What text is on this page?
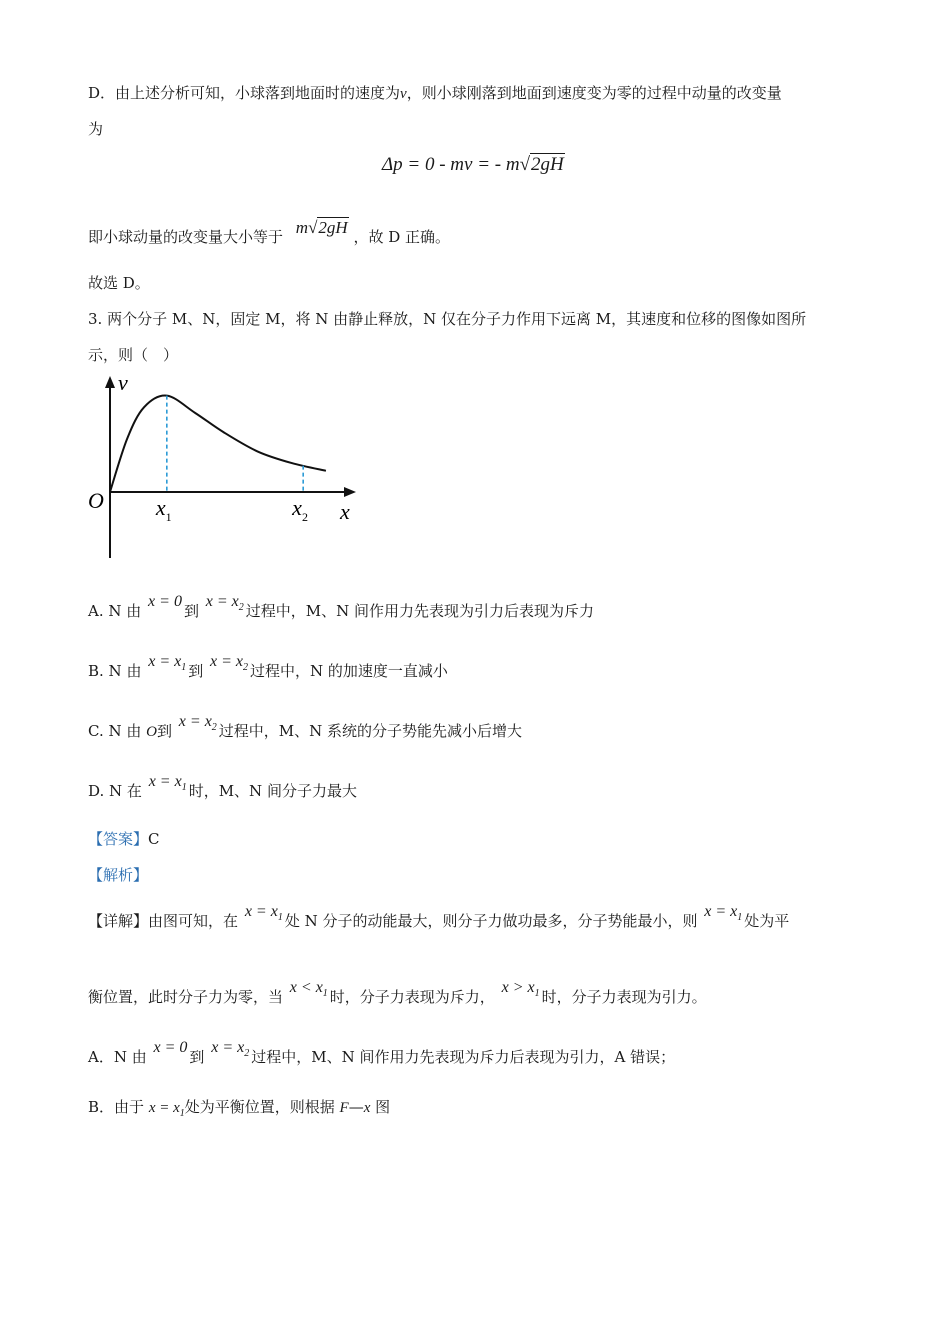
D．由上述分析可知，小球落到地面时的速度为v，则小球刚落到地面到速度变为零的过程中动量的改变量
为
Δp = 0 - mv = - m√2gH
即小球动量的改变量大小等于 m√2gH ，故 D 正确。
故选 D。
3. 两个分子 M、N，固定 M，将 N 由静止释放，N 仅在分子力作用下远离 M，其速度和位移的图像如图所
示，则（　）
v
O	x
$x_1$	$x_2$
A. N 由 x = 0到 $x = x_2$ 过程中，M、N 间作用力先表现为引力后表现为斥力
B. N 由 $x = x_1$ 到 $x = x_2$ 过程中，N 的加速度一直减小
C. N 由 O到 $x = x_2$ 过程中，M、N 系统的分子势能先减小后增大
D. N 在 $x = x_1$ 时，M、N 间分子力最大
【答案】C
【解析】
【详解】由图可知，在 $x = x_1$ 处 N 分子的动能最大，则分子力做功最多，分子势能最小，则 $x = x_1$ 处为平
衡位置，此时分子力为零，当 $x < x_1$ 时，分子力表现为斥力， $x > x_1$ 时，分子力表现为引力。
A．N 由 x = 0到 $x = x_2$ 过程中，M、N 间作用力先表现为斥力后表现为引力，A 错误；
B．由于 $x = x_1$处为平衡位置，则根据 F—x 图
